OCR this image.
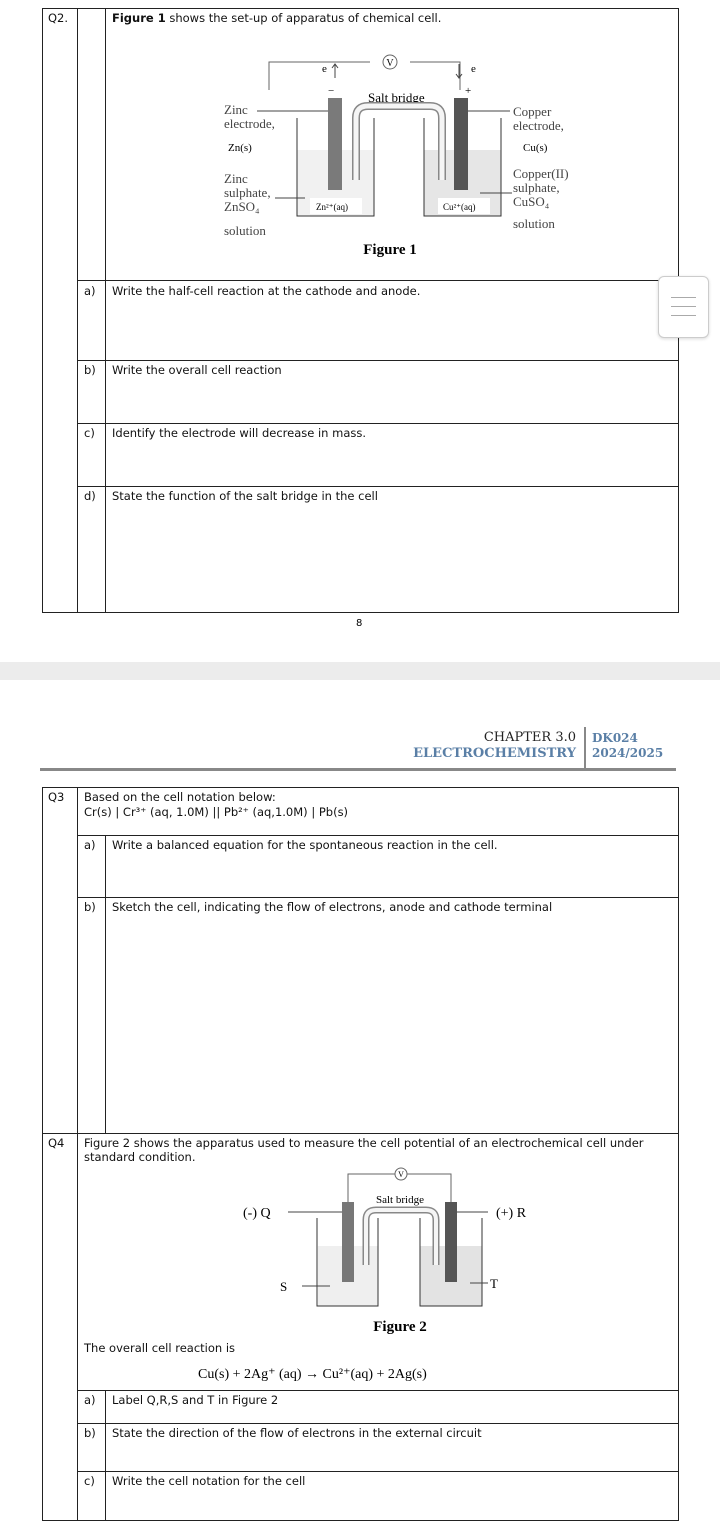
Q2.	Figure 1 shows the set-up of apparatus of chemical cell.
V
e	e
−	+
Salt bridge
Zn²⁺(aq)	Cu²⁺(aq)
Zinc
electrode,
Zn(s)
Zinc
sulphate,
ZnSO₄
solution
Copper
electrode,
Cu(s)
Copper(II)
sulphate,
CuSO₄
solution
Figure 1
a) Write the half-cell reaction at the cathode and anode.
b) Write the overall cell reaction
c) Identify the electrode will decrease in mass.
d) State the function of the salt bridge in the cell
8
CHAPTER 3.0
ELECTROCHEMISTRY
DK024
2024/2025
Q3 Based on the cell notation below:
Cr(s) | Cr³⁺ (aq, 1.0M) || Pb²⁺ (aq,1.0M) | Pb(s)
a) Write a balanced equation for the spontaneous reaction in the cell.
b) Sketch the cell, indicating the flow of electrons, anode and cathode terminal
Q4 Figure 2 shows the apparatus used to measure the cell potential of an electrochemical cell under standard condition.
V
Salt bridge
(-) Q	(+) R
S	T
Figure 2
The overall cell reaction is
Cu(s) + 2Ag⁺ (aq) → Cu²⁺(aq) + 2Ag(s)
a) Label Q,R,S and T in Figure 2
b) State the direction of the flow of electrons in the external circuit
c) Write the cell notation for the cell
